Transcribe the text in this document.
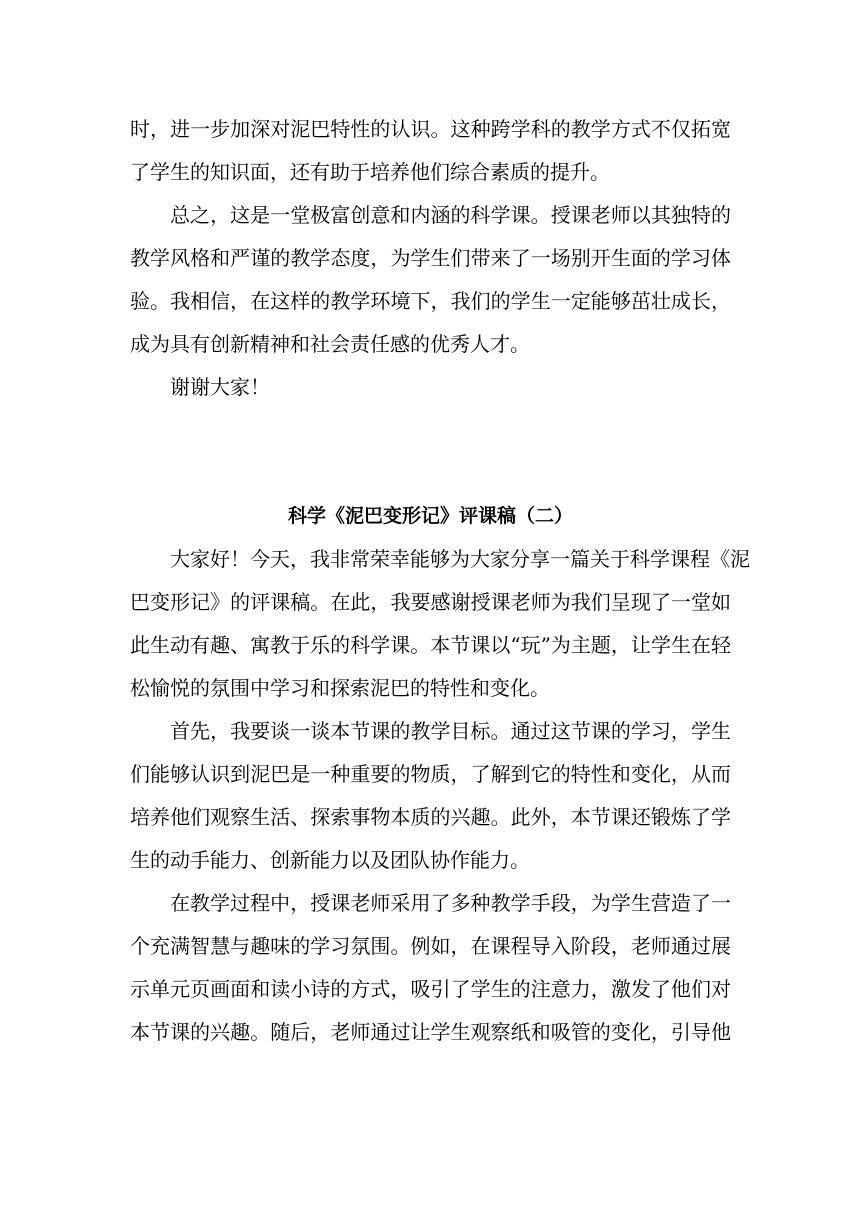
时，进一步加深对泥巴特性的认识。这种跨学科的教学方式不仅拓宽
了学生的知识面，还有助于培养他们综合素质的提升。
总之，这是一堂极富创意和内涵的科学课。授课老师以其独特的
教学风格和严谨的教学态度，为学生们带来了一场别开生面的学习体
验。我相信，在这样的教学环境下，我们的学生一定能够茁壮成长，
成为具有创新精神和社会责任感的优秀人才。
谢谢大家！
科学《泥巴变形记》评课稿（二）
大家好！今天，我非常荣幸能够为大家分享一篇关于科学课程《泥
巴变形记》的评课稿。在此，我要感谢授课老师为我们呈现了一堂如
此生动有趣、寓教于乐的科学课。本节课以“玩”为主题，让学生在轻
松愉悦的氛围中学习和探索泥巴的特性和变化。
首先，我要谈一谈本节课的教学目标。通过这节课的学习，学生
们能够认识到泥巴是一种重要的物质，了解到它的特性和变化，从而
培养他们观察生活、探索事物本质的兴趣。此外，本节课还锻炼了学
生的动手能力、创新能力以及团队协作能力。
在教学过程中，授课老师采用了多种教学手段，为学生营造了一
个充满智慧与趣味的学习氛围。例如，在课程导入阶段，老师通过展
示单元页画面和读小诗的方式，吸引了学生的注意力，激发了他们对
本节课的兴趣。随后，老师通过让学生观察纸和吸管的变化，引导他
